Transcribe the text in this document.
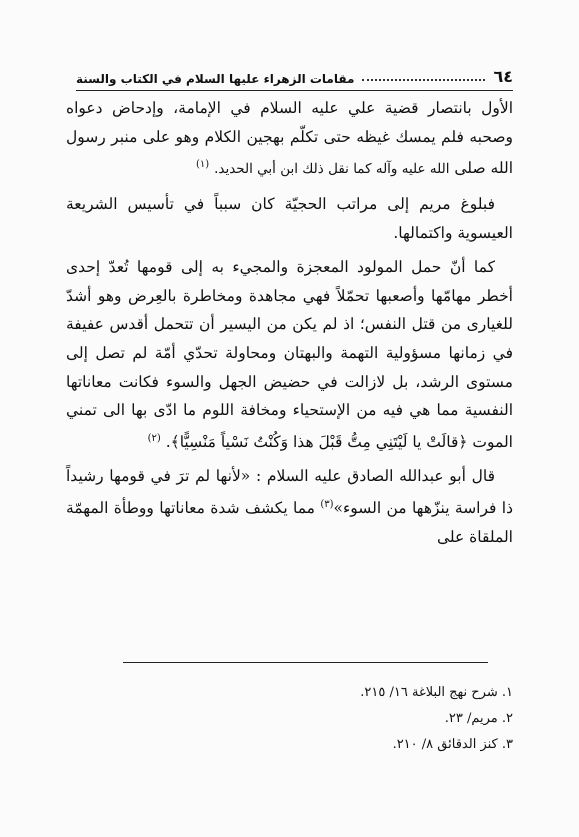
٦٤
مقامات الزهراء عليها السلام في الكتاب والسنة

الأول بانتصار قضية علي عليه السلام في الإمامة، وإدحاض دعواه وصحبه فلم يمسك غيظه حتى تكلّم بهجين الكلام وهو على منبر رسول الله صلى الله عليه وآله كما نقل ذلك ابن أبي الحديد. $^{(١)}$

فبلوغ مريم إلى مراتب الحجيّة كان سبباً في تأسيس الشريعة العيسوية واكتمالها.

كما أنّ حمل المولود المعجزة والمجيء به إلى قومها تُعدّ إحدى أخطر مهامّها وأصعبها تحمّلاً فهي مجاهدة ومخاطرة بالعِرض وهو أشدّ للغيارى من قتل النفس؛ اذ لم يكن من اليسير أن تتحمل أقدس عفيفة في زمانها مسؤولية التهمة والبهتان ومحاولة تحدّي أمّة لم تصل إلى مستوى الرشد، بل لازالت في حضيض الجهل والسوء فكانت معاناتها النفسية مما هي فيه من الإستحياء ومخافة اللوم ما ادّى بها الى تمني الموت ﴿قالَتْ يا لَيْتَنِي مِتُّ قَبْلَ هذا وَكُنْتُ نَسْياً مَنْسِيًّا﴾. $^{(٢)}$

قال أبو عبدالله الصادق عليه السلام : «لأنها لم ترَ في قومها رشيداً ذا فراسة ينزّهها من السوء»$^{(٣)}$ مما يكشف شدة معاناتها ووطأة المهمّة الملقاة على

١. شرح نهج البلاغة ١٦/ ٢١٥.
٢. مريم/ ٢٣.
٣. كنز الدقائق ٨/ ٢١٠.
